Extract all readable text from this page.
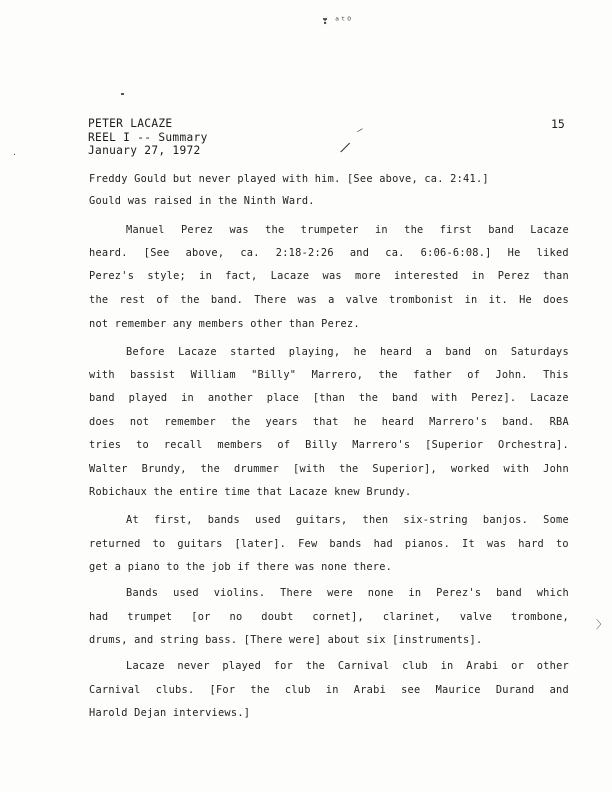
❣ ᵃᵗᴼ
/
‒
·
〉
PETER LACAZE
REEL I -- Summary
January 27, 1972
15
Freddy Gould but never played with him. [See above, ca. 2:41.]
Gould was raised in the Ninth Ward.
Manuel Perez was the trumpeter in the first band Lacaze
heard. [See above, ca. 2:18-2:26 and ca. 6:06-6:08.] He liked
Perez's style; in fact, Lacaze was more interested in Perez than
the rest of the band. There was a valve trombonist in it. He does
not remember any members other than Perez.
Before Lacaze started playing, he heard a band on Saturdays
with bassist William "Billy" Marrero, the father of John. This
band played in another place [than the band with Perez]. Lacaze
does not remember the years that he heard Marrero's band. RBA
tries to recall members of Billy Marrero's [Superior Orchestra].
Walter Brundy, the drummer [with the Superior], worked with John
Robichaux the entire time that Lacaze knew Brundy.
At first, bands used guitars, then six-string banjos. Some
returned to guitars [later]. Few bands had pianos. It was hard to
get a piano to the job if there was none there.
Bands used violins. There were none in Perez's band which
had trumpet [or no doubt cornet], clarinet, valve trombone,
drums, and string bass. [There were] about six [instruments].
Lacaze never played for the Carnival club in Arabi or other
Carnival clubs. [For the club in Arabi see Maurice Durand and
Harold Dejan interviews.]
